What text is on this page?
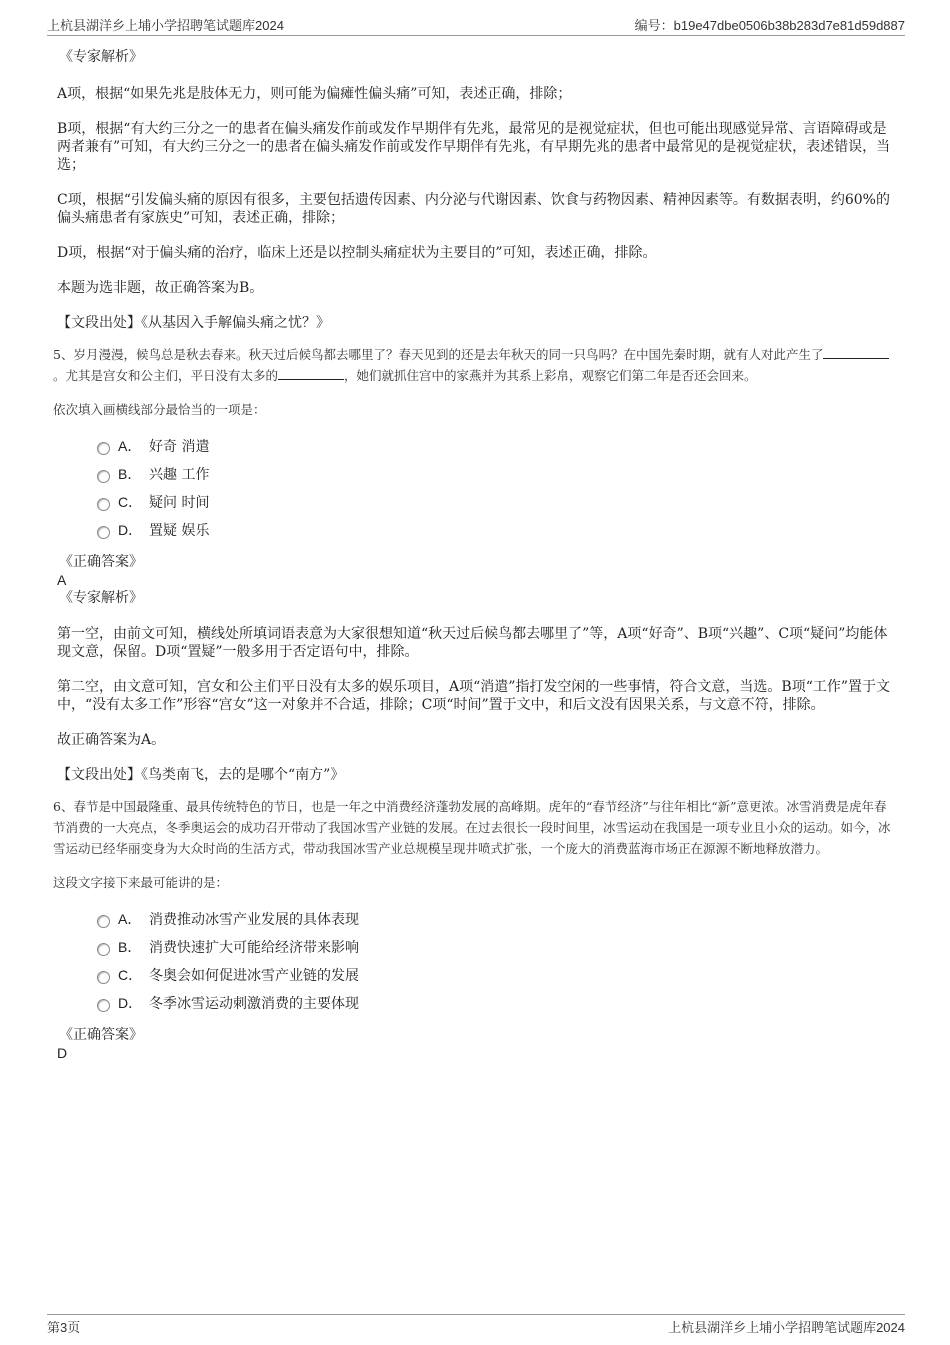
上杭县湖洋乡上埔小学招聘笔试题库2024	编号：b19e47dbe0506b38b283d7e81d59d887

《专家解析》

A项，根据“如果先兆是肢体无力，则可能为偏瘫性偏头痛”可知，表述正确，排除；

B项，根据“有大约三分之一的患者在偏头痛发作前或发作早期伴有先兆，最常见的是视觉症状，但也可能出现感觉异常、言语障碍或是两者兼有”可知，有大约三分之一的患者在偏头痛发作前或发作早期伴有先兆，有早期先兆的患者中最常见的是视觉症状，表述错误，当选；

C项，根据“引发偏头痛的原因有很多，主要包括遗传因素、内分泌与代谢因素、饮食与药物因素、精神因素等。有数据表明，约60%的偏头痛患者有家族史”可知，表述正确，排除；

D项，根据“对于偏头痛的治疗，临床上还是以控制头痛症状为主要目的”可知，表述正确，排除。

本题为选非题，故正确答案为B。

【文段出处】《从基因入手解偏头痛之忧？》

5、岁月漫漫，候鸟总是秋去春来。秋天过后候鸟都去哪里了？春天见到的还是去年秋天的同一只鸟吗？在中国先秦时期，就有人对此产生了。尤其是宫女和公主们，平日没有太多的	，她们就抓住宫中的家燕并为其系上彩帛，观察它们第二年是否还会回来。

依次填入画横线部分最恰当的一项是：

A． 好奇 消遣
B． 兴趣 工作
C． 疑问 时间
D． 置疑 娱乐

《正确答案》

A

《专家解析》

第一空，由前文可知，横线处所填词语表意为大家很想知道“秋天过后候鸟都去哪里了”等，A项“好奇”、B项“兴趣”、C项“疑问”均能体现文意，保留。D项“置疑”一般多用于否定语句中，排除。

第二空，由文意可知，宫女和公主们平日没有太多的娱乐项目，A项“消遣”指打发空闲的一些事情，符合文意，当选。B项“工作”置于文中，“没有太多工作”形容“宫女”这一对象并不合适，排除；C项“时间”置于文中，和后文没有因果关系，与文意不符，排除。

故正确答案为A。

【文段出处】《鸟类南飞，去的是哪个“南方”》

6、春节是中国最隆重、最具传统特色的节日，也是一年之中消费经济蓬勃发展的高峰期。虎年的“春节经济”与往年相比“新”意更浓。冰雪消费是虎年春节消费的一大亮点，冬季奥运会的成功召开带动了我国冰雪产业链的发展。在过去很长一段时间里，冰雪运动在我国是一项专业且小众的运动。如今，冰雪运动已经华丽变身为大众时尚的生活方式，带动我国冰雪产业总规模呈现井喷式扩张，一个庞大的消费蓝海市场正在源源不断地释放潜力。

这段文字接下来最可能讲的是：

A． 消费推动冰雪产业发展的具体表现
B． 消费快速扩大可能给经济带来影响
C． 冬奥会如何促进冰雪产业链的发展
D． 冬季冰雪运动刺激消费的主要体现

《正确答案》

D

第3页	上杭县湖洋乡上埔小学招聘笔试题库2024
